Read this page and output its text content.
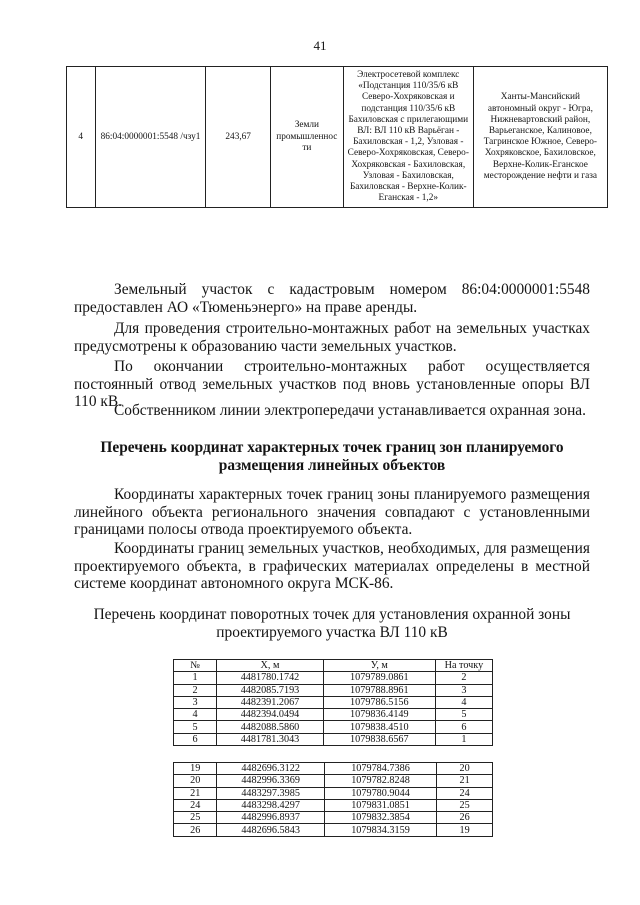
41
4	86:04:0000001:5548 /чзу1	243,67	Земли промышленнос ти	Электросетевой комплекс «Подстанция 110/35/6 кВ Северо-Хохряковская и подстанция 110/35/6 кВ Бахиловская с прилегающими ВЛ: ВЛ 110 кВ Варьёган - Бахиловская - 1,2, Узловая - Северо-Хохряковская, Северо-Хохряковская - Бахиловская, Узловая - Бахиловская, Бахиловская - Верхне-Колик-Еганская - 1,2»	Ханты-Мансийский автономный округ - Югра, Нижневартовский район, Варьеганское, Калиновое, Тагринское Южное, Северо-Хохряковское, Бахиловское, Верхне-Колик-Еганское месторождение нефти и газа

Земельный участок с кадастровым номером 86:04:0000001:5548 предоставлен АО «Тюменьэнерго» на праве аренды.

Для проведения строительно-монтажных работ на земельных участках предусмотрены к образованию части земельных участков.

По окончании строительно-монтажных работ осуществляется постоянный отвод земельных участков под вновь установленные опоры ВЛ 110 кВ.

Собственником линии электропередачи устанавливается охранная зона.

Перечень координат характерных точек границ зон планируемого размещения линейных объектов

Координаты характерных точек границ зоны планируемого размещения линейного объекта регионального значения совпадают с установленными границами полосы отвода проектируемого объекта.

Координаты границ земельных участков, необходимых, для размещения проектируемого объекта, в графических материалах определены в местной системе координат автономного округа МСК-86.

Перечень координат поворотных точек для установления охранной зоны проектируемого участка ВЛ 110 кВ

№	Х, м	У, м	На точку
1	4481780.1742	1079789.0861	2
2	4482085.7193	1079788.8961	3
3	4482391.2067	1079786.5156	4
4	4482394.0494	1079836.4149	5
5	4482088.5860	1079838.4510	6
6	4481781.3043	1079838.6567	1
19	4482696.3122	1079784.7386	20
20	4482996.3369	1079782.8248	21
21	4483297.3985	1079780.9044	24
24	4483298.4297	1079831.0851	25
25	4482996.8937	1079832.3854	26
26	4482696.5843	1079834.3159	19
